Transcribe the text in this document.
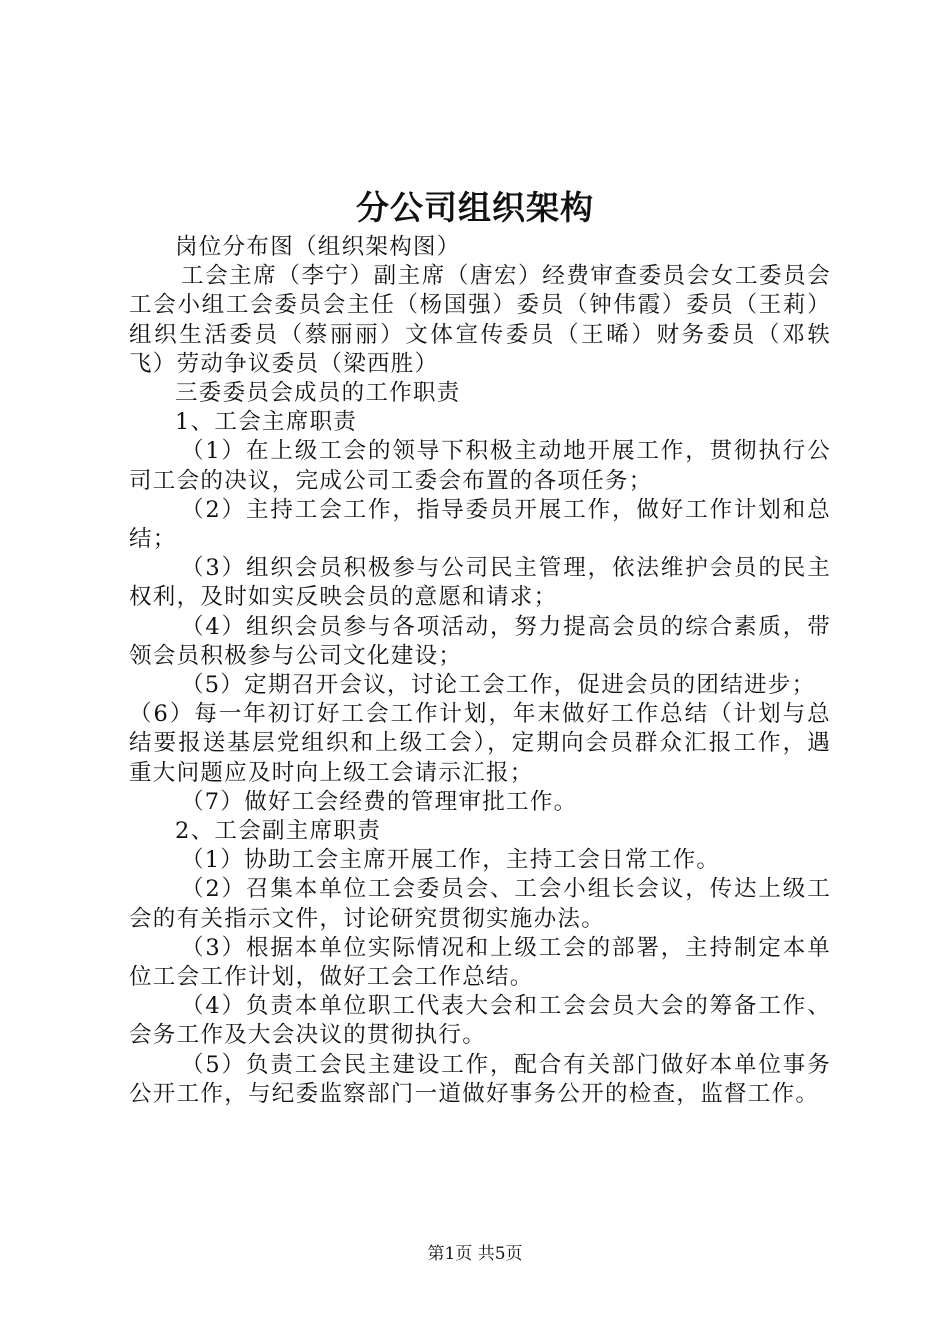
分公司组织架构

岗位分布图（组织架构图）

工会主席（李宁）副主席（唐宏）经费审查委员会女工委员会工会小组工会委员会主任（杨国强）委员（钟伟霞）委员（王莉）组织生活委员（蔡丽丽）文体宣传委员（王晞）财务委员（邓轶飞）劳动争议委员（梁西胜）

三委委员会成员的工作职责

1、工会主席职责

（1）在上级工会的领导下积极主动地开展工作，贯彻执行公司工会的决议，完成公司工委会布置的各项任务；

（2）主持工会工作，指导委员开展工作，做好工作计划和总结；

（3）组织会员积极参与公司民主管理，依法维护会员的民主权利，及时如实反映会员的意愿和请求；

（4）组织会员参与各项活动，努力提高会员的综合素质，带领会员积极参与公司文化建设；

（5）定期召开会议，讨论工会工作，促进会员的团结进步；

（6）每一年初订好工会工作计划，年末做好工作总结（计划与总结要报送基层党组织和上级工会），定期向会员群众汇报工作，遇重大问题应及时向上级工会请示汇报；

（7）做好工会经费的管理审批工作。

2、工会副主席职责

（1）协助工会主席开展工作，主持工会日常工作。

（2）召集本单位工会委员会、工会小组长会议，传达上级工会的有关指示文件，讨论研究贯彻实施办法。

（3）根据本单位实际情况和上级工会的部署，主持制定本单位工会工作计划，做好工会工作总结。

（4）负责本单位职工代表大会和工会会员大会的筹备工作、会务工作及大会决议的贯彻执行。

（5）负责工会民主建设工作，配合有关部门做好本单位事务公开工作，与纪委监察部门一道做好事务公开的检查，监督工作。

第1页 共5页
